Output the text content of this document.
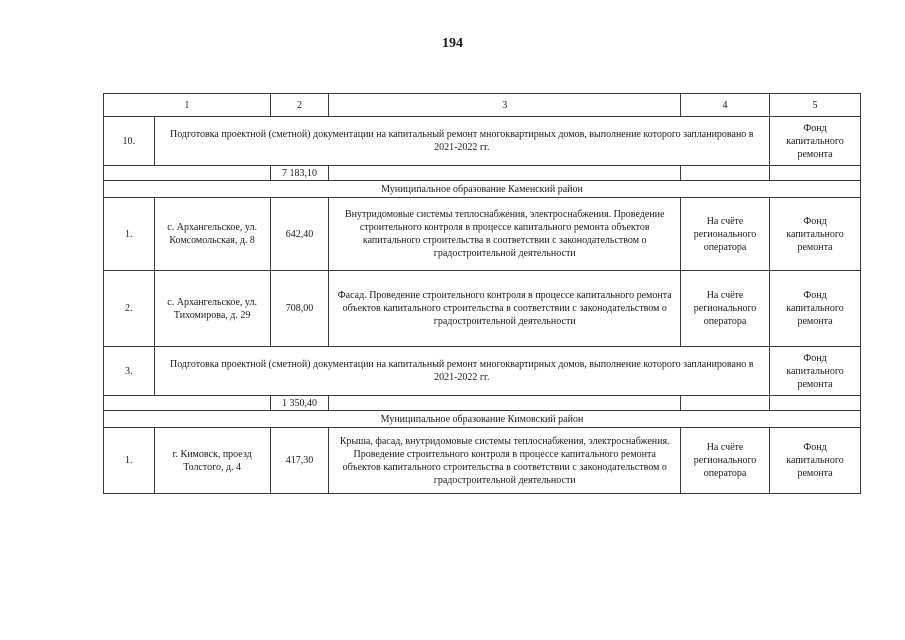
194
1		2	3	4	5
10.	Подготовка проектной (сметной) документации на капитальный ремонт многоквартирных домов, выполнение которого запланировано в 2021-2022 гг.				Фонд капитального ремонта
		7 183,10			
Муниципальное образование Каменский район					
1.	с. Архангельское, ул. Комсомольская, д. 8	642,40	Внутридомовые системы теплоснабжения, электроснабжения. Проведение строительного контроля в процессе капитального ремонта объектов капитального строительства в соответствии с законодательством о градостроительной деятельности	На счёте регионального оператора	Фонд капитального ремонта
2.	с. Архангельское, ул. Тихомирова, д. 29	708,00	Фасад. Проведение строительного контроля в процессе капитального ремонта объектов капитального строительства в соответствии с законодательством о градостроительной деятельности	На счёте регионального оператора	Фонд капитального ремонта
3.	Подготовка проектной (сметной) документации на капитальный ремонт многоквартирных домов, выполнение которого запланировано в 2021-2022 гг.				Фонд капитального ремонта
		1 350,40			
Муниципальное образование Кимовский район					
1.	г. Кимовск, проезд Толстого, д. 4	417,30	Крыша, фасад, внутридомовые системы теплоснабжения, электроснабжения. Проведение строительного контроля в процессе капитального ремонта объектов капитального строительства в соответствии с законодательством о градостроительной деятельности	На счёте регионального оператора	Фонд капитального ремонта
